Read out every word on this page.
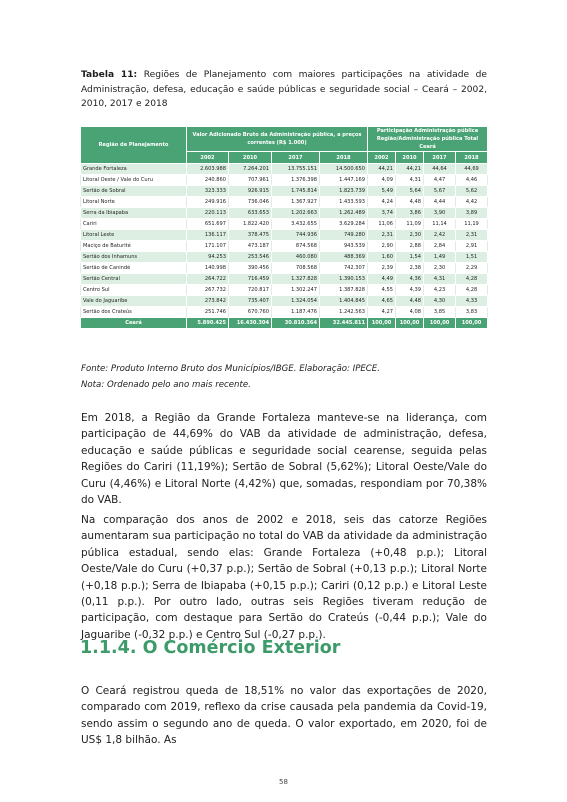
Tabela 11: Regiões de Planejamento com maiores participações na atividade de Administração, defesa, educação e saúde públicas e seguridade social – Ceará – 2002, 2010, 2017 e 2018
Região de Planejamento	Valor Adicionado Bruto da Administração pública, a preços correntes (R$ 1.000)				Participação Administração pública Região/Administração pública Total Ceará			
	2002	2010	2017	2018	2002	2010	2017	2018
Grande Fortaleza	2.603.988	7.264.201	13.755.151	14.500.650	44,21	44,21	44,64	44,69
Litoral Oeste / Vale do Curu	240.860	707.961	1.376.398	1.447.169	4,09	4,31	4,47	4,46
Sertão de Sobral	323.333	926.915	1.745.814	1.823.739	5,49	5,64	5,67	5,62
Litoral Norte	249.916	736.046	1.367.927	1.433.593	4,24	4,48	4,44	4,42
Serra da Ibiapaba	220.113	633.653	1.202.663	1.262.489	3,74	3,86	3,90	3,89
Cariri	651.697	1.822.420	3.432.655	3.629.284	11,06	11,09	11,14	11,19
Litoral Leste	136.117	378.475	744.936	749.280	2,31	2,30	2,42	2,31
Maciço de Baturité	171.107	473.187	874.568	943.539	2,90	2,88	2,84	2,91
Sertão dos Inhamuns	94.253	253.546	460.080	488.369	1,60	1,54	1,49	1,51
Sertão de Canindé	140.998	390.456	708.568	742.307	2,39	2,38	2,30	2,29
Sertão Central	264.722	716.459	1.327.828	1.390.153	4,49	4,36	4,31	4,28
Centro Sul	267.732	720.817	1.302.247	1.387.828	4,55	4,39	4,23	4,28
Vale do Jaguaribe	273.842	735.407	1.324.054	1.404.845	4,65	4,48	4,30	4,33
Sertão dos Crateús	251.746	670.760	1.187.476	1.242.563	4,27	4,08	3,85	3,83
Ceará	5.890.425	16.430.304	30.810.364	32.445.811	100,00	100,00	100,00	100,00
Fonte: Produto Interno Bruto dos Municípios/IBGE. Elaboração: IPECE.
Nota: Ordenado pelo ano mais recente.
Em 2018, a Região da Grande Fortaleza manteve-se na liderança, com participação de 44,69% do VAB da atividade de administração, defesa, educação e saúde públicas e seguridade social cearense, seguida pelas Regiões do Cariri (11,19%); Sertão de Sobral (5,62%); Litoral Oeste/Vale do Curu (4,46%) e Litoral Norte (4,42%) que, somadas, respondiam por 70,38% do VAB.
Na comparação dos anos de 2002 e 2018, seis das catorze Regiões aumentaram sua participação no total do VAB da atividade da administração pública estadual, sendo elas: Grande Fortaleza (+0,48 p.p.); Litoral Oeste/Vale do Curu (+0,37 p.p.); Sertão de Sobral (+0,13 p.p.); Litoral Norte (+0,18 p.p.); Serra de Ibiapaba (+0,15 p.p.); Cariri (0,12 p.p.) e Litoral Leste (0,11 p.p.). Por outro lado, outras seis Regiões tiveram redução de participação, com destaque para Sertão do Crateús (-0,44 p.p.); Vale do Jaguaribe (-0,32 p.p.) e Centro Sul (-0,27 p.p.).
1.1.4. O Comércio Exterior
O Ceará registrou queda de 18,51% no valor das exportações de 2020, comparado com 2019, reflexo da crise causada pela pandemia da Covid-19, sendo assim o segundo ano de queda. O valor exportado, em 2020, foi de US$ 1,8 bilhão. As
58
